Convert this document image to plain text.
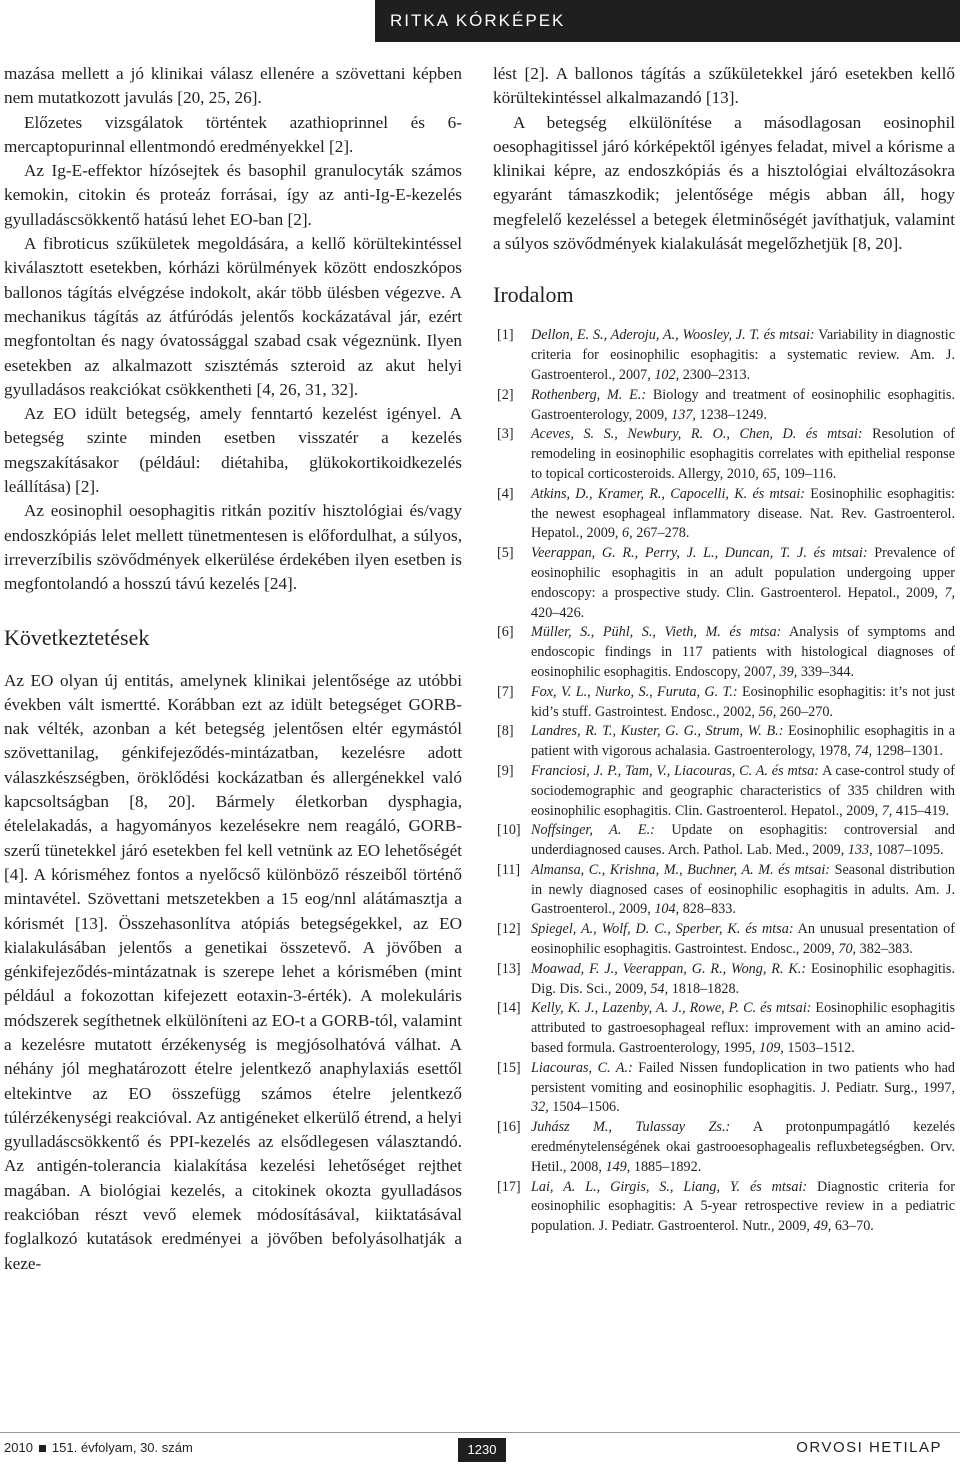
RITKA KÓRKÉPEK

mazása mellett a jó klinikai válasz ellenére a szövettani képben nem mutatkozott javulás [20, 25, 26].

Előzetes vizsgálatok történtek azathioprinnel és 6-mercaptopurinnal ellentmondó eredményekkel [2].

Az Ig-E-effektor hízósejtek és basophil granulocyták számos kemokin, citokin és proteáz forrásai, így az anti-Ig-E-kezelés gyulladáscsökkentő hatású lehet EO-ban [2].

A fibroticus szűkületek megoldására, a kellő körültekintéssel kiválasztott esetekben, kórházi körülmények között endoszkópos ballonos tágítás elvégzése indokolt, akár több ülésben végezve. A mechanikus tágítás az átfúródás jelentős kockázatával jár, ezért megfontoltan és nagy óvatossággal szabad csak végeznünk. Ilyen esetekben az alkalmazott szisztémás szteroid az akut helyi gyulladásos reakciókat csökkentheti [4, 26, 31, 32].

Az EO idült betegség, amely fenntartó kezelést igényel. A betegség szinte minden esetben visszatér a kezelés megszakításakor (például: diétahiba, glükokortikoidkezelés leállítása) [2].

Az eosinophil oesophagitis ritkán pozitív hisztológiai és/vagy endoszkópiás lelet mellett tünetmentesen is előfordulhat, a súlyos, irreverzíbilis szövődmények elkerülése érdekében ilyen esetben is megfontolandó a hosszú távú kezelés [24].

Következtetések

Az EO olyan új entitás, amelynek klinikai jelentősége az utóbbi években vált ismertté. Korábban ezt az idült betegséget GORB-nak vélték, azonban a két betegség jelentősen eltér egymástól szövettanilag, génkifejeződés-mintázatban, kezelésre adott válaszkészségben, öröklődési kockázatban és allergénekkel való kapcsoltságban [8, 20]. Bármely életkorban dysphagia, ételelakadás, a hagyományos kezelésekre nem reagáló, GORB-szerű tünetekkel járó esetekben fel kell vetnünk az EO lehetőségét [4]. A kórisméhez fontos a nyelőcső különböző részeiből történő mintavétel. Szövettani metszetekben a 15 eog/nnl alátámasztja a kórismét [13]. Összehasonlítva atópiás betegségekkel, az EO kialakulásában jelentős a genetikai összetevő. A jövőben a génkifejeződés-mintázatnak is szerepe lehet a kórismében (mint például a fokozottan kifejezett eotaxin-3-érték). A molekuláris módszerek segíthetnek elkülöníteni az EO-t a GORB-tól, valamint a kezelésre mutatott érzékenység is megjósolhatóvá válhat. A néhány jól meghatározott ételre jelentkező anaphylaxiás esettől eltekintve az EO összefügg számos ételre jelentkező túlérzékenységi reakcióval. Az antigéneket elkerülő étrend, a helyi gyulladáscsökkentő és PPI-kezelés az elsődlegesen választandó. Az antigén-tolerancia kialakítása kezelési lehetőséget rejthet magában. A biológiai kezelés, a citokinek okozta gyulladásos reakcióban részt vevő elemek módosításával, kiiktatásával foglalkozó kutatások eredményei a jövőben befolyásolhatják a keze-

lést [2]. A ballonos tágítás a szűkületekkel járó esetekben kellő körültekintéssel alkalmazandó [13].

A betegség elkülönítése a másodlagosan eosinophil oesophagitissel járó kórképektől igényes feladat, mivel a kórisme a klinikai képre, az endoszkópiás és a hisztológiai elváltozásokra egyaránt támaszkodik; jelentősége mégis abban áll, hogy megfelelő kezeléssel a betegek életminőségét javíthatjuk, valamint a súlyos szövődmények kialakulását megelőzhetjük [8, 20].

Irodalom
[1]	Dellon, E. S., Aderoju, A., Woosley, J. T. és mtsai: Variability in diagnostic criteria for eosinophilic esophagitis: a systematic review. Am. J. Gastroenterol., 2007, 102, 2300–2313.
[2]	Rothenberg, M. E.: Biology and treatment of eosinophilic esophagitis. Gastroenterology, 2009, 137, 1238–1249.
[3]	Aceves, S. S., Newbury, R. O., Chen, D. és mtsai: Resolution of remodeling in eosinophilic esophagitis correlates with epithelial response to topical corticosteroids. Allergy, 2010, 65, 109–116.
[4]	Atkins, D., Kramer, R., Capocelli, K. és mtsai: Eosinophilic esophagitis: the newest esophageal inflammatory disease. Nat. Rev. Gastroenterol. Hepatol., 2009, 6, 267–278.
[5]	Veerappan, G. R., Perry, J. L., Duncan, T. J. és mtsai: Prevalence of eosinophilic esophagitis in an adult population undergoing upper endoscopy: a prospective study. Clin. Gastroenterol. Hepatol., 2009, 7, 420–426.
[6]	Müller, S., Pühl, S., Vieth, M. és mtsa: Analysis of symptoms and endoscopic findings in 117 patients with histological diagnoses of eosinophilic esophagitis. Endoscopy, 2007, 39, 339–344.
[7]	Fox, V. L., Nurko, S., Furuta, G. T.: Eosinophilic esophagitis: it’s not just kid’s stuff. Gastrointest. Endosc., 2002, 56, 260–270.
[8]	Landres, R. T., Kuster, G. G., Strum, W. B.: Eosinophilic esophagitis in a patient with vigorous achalasia. Gastroenterology, 1978, 74, 1298–1301.
[9]	Franciosi, J. P., Tam, V., Liacouras, C. A. és mtsa: A case-control study of sociodemographic and geographic characteristics of 335 children with eosinophilic esophagitis. Clin. Gastroenterol. Hepatol., 2009, 7, 415–419.
[10] Noffsinger, A. E.: Update on esophagitis: controversial and underdiagnosed causes. Arch. Pathol. Lab. Med., 2009, 133, 1087–1095.
[11] Almansa, C., Krishna, M., Buchner, A. M. és mtsai: Seasonal distribution in newly diagnosed cases of eosinophilic esophagitis in adults. Am. J. Gastroenterol., 2009, 104, 828–833.
[12] Spiegel, A., Wolf, D. C., Sperber, K. és mtsa: An unusual presentation of eosinophilic esophagitis. Gastrointest. Endosc., 2009, 70, 382–383.
[13] Moawad, F. J., Veerappan, G. R., Wong, R. K.: Eosinophilic esophagitis. Dig. Dis. Sci., 2009, 54, 1818–1828.
[14] Kelly, K. J., Lazenby, A. J., Rowe, P. C. és mtsai: Eosinophilic esophagitis attributed to gastroesophageal reflux: improvement with an amino acid-based formula. Gastroenterology, 1995, 109, 1503–1512.
[15] Liacouras, C. A.: Failed Nissen fundoplication in two patients who had persistent vomiting and eosinophilic esophagitis. J. Pediatr. Surg., 1997, 32, 1504–1506.
[16] Juhász M., Tulassay Zs.: A protonpumpagátló kezelés eredménytelenségének okai gastrooesophagealis refluxbetegségben. Orv. Hetil., 2008, 149, 1885–1892.
[17] Lai, A. L., Girgis, S., Liang, Y. és mtsai: Diagnostic criteria for eosinophilic esophagitis: A 5-year retrospective review in a pediatric population. J. Pediatr. Gastroenterol. Nutr., 2009, 49, 63–70.
2010 151. évfolyam, 30. szám	1230	ORVOSI HETILAP
